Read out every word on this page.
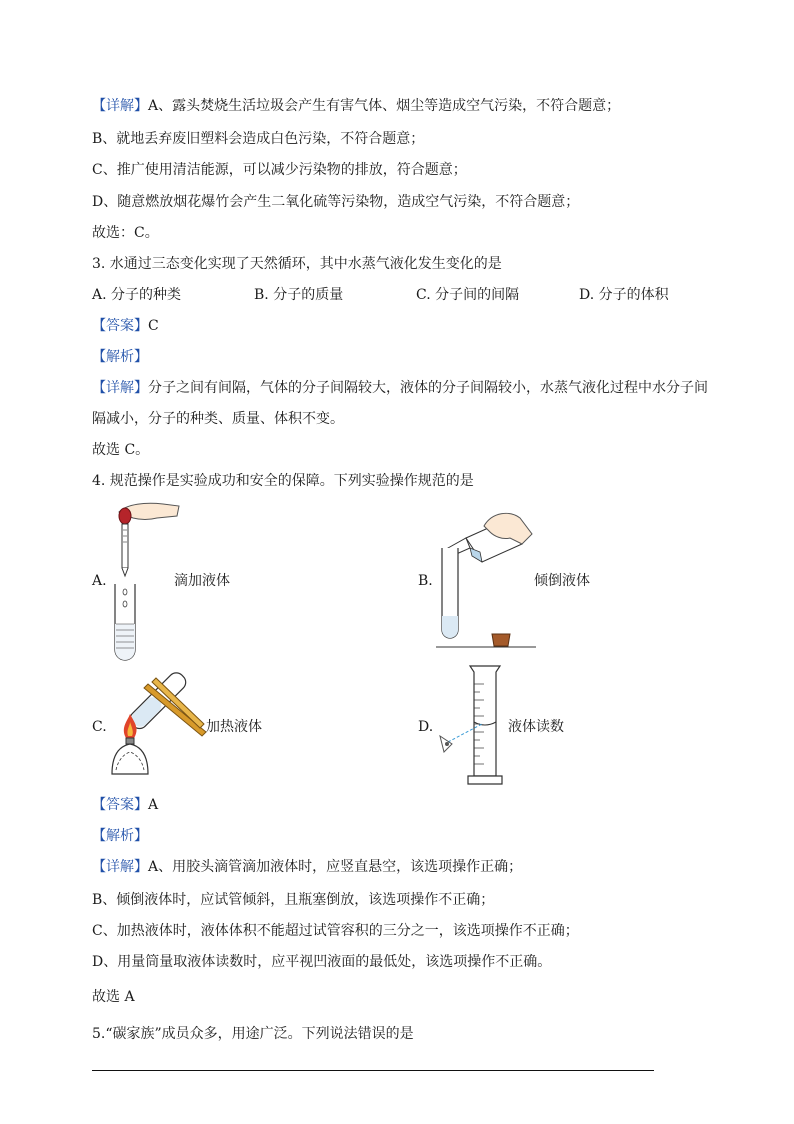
【详解】A、露头焚烧生活垃圾会产生有害气体、烟尘等造成空气污染，不符合题意；
B、就地丢弃废旧塑料会造成白色污染，不符合题意；
C、推广使用清洁能源，可以减少污染物的排放，符合题意；
D、随意燃放烟花爆竹会产生二氧化硫等污染物，造成空气污染，不符合题意；
故选：C。
3. 水通过三态变化实现了天然循环，其中水蒸气液化发生变化的是
A. 分子的种类	B. 分子的质量	C. 分子间的间隔	D. 分子的体积
【答案】C
【解析】
【详解】分子之间有间隔，气体的分子间隔较大，液体的分子间隔较小，水蒸气液化过程中水分子间
隔减小，分子的种类、质量、体积不变。
故选 C。
4. 规范操作是实验成功和安全的保障。下列实验操作规范的是
A.	滴加液体	B.	倾倒液体
C.	加热液体	D.	液体读数
【答案】A
【解析】
【详解】A、用胶头滴管滴加液体时，应竖直悬空，该选项操作正确；
B、倾倒液体时，应试管倾斜，且瓶塞倒放，该选项操作不正确；
C、加热液体时，液体体积不能超过试管容积的三分之一，该选项操作不正确；
D、用量筒量取液体读数时，应平视凹液面的最低处，该选项操作不正确。
故选 A
5.“碳家族”成员众多，用途广泛。下列说法错误的是
